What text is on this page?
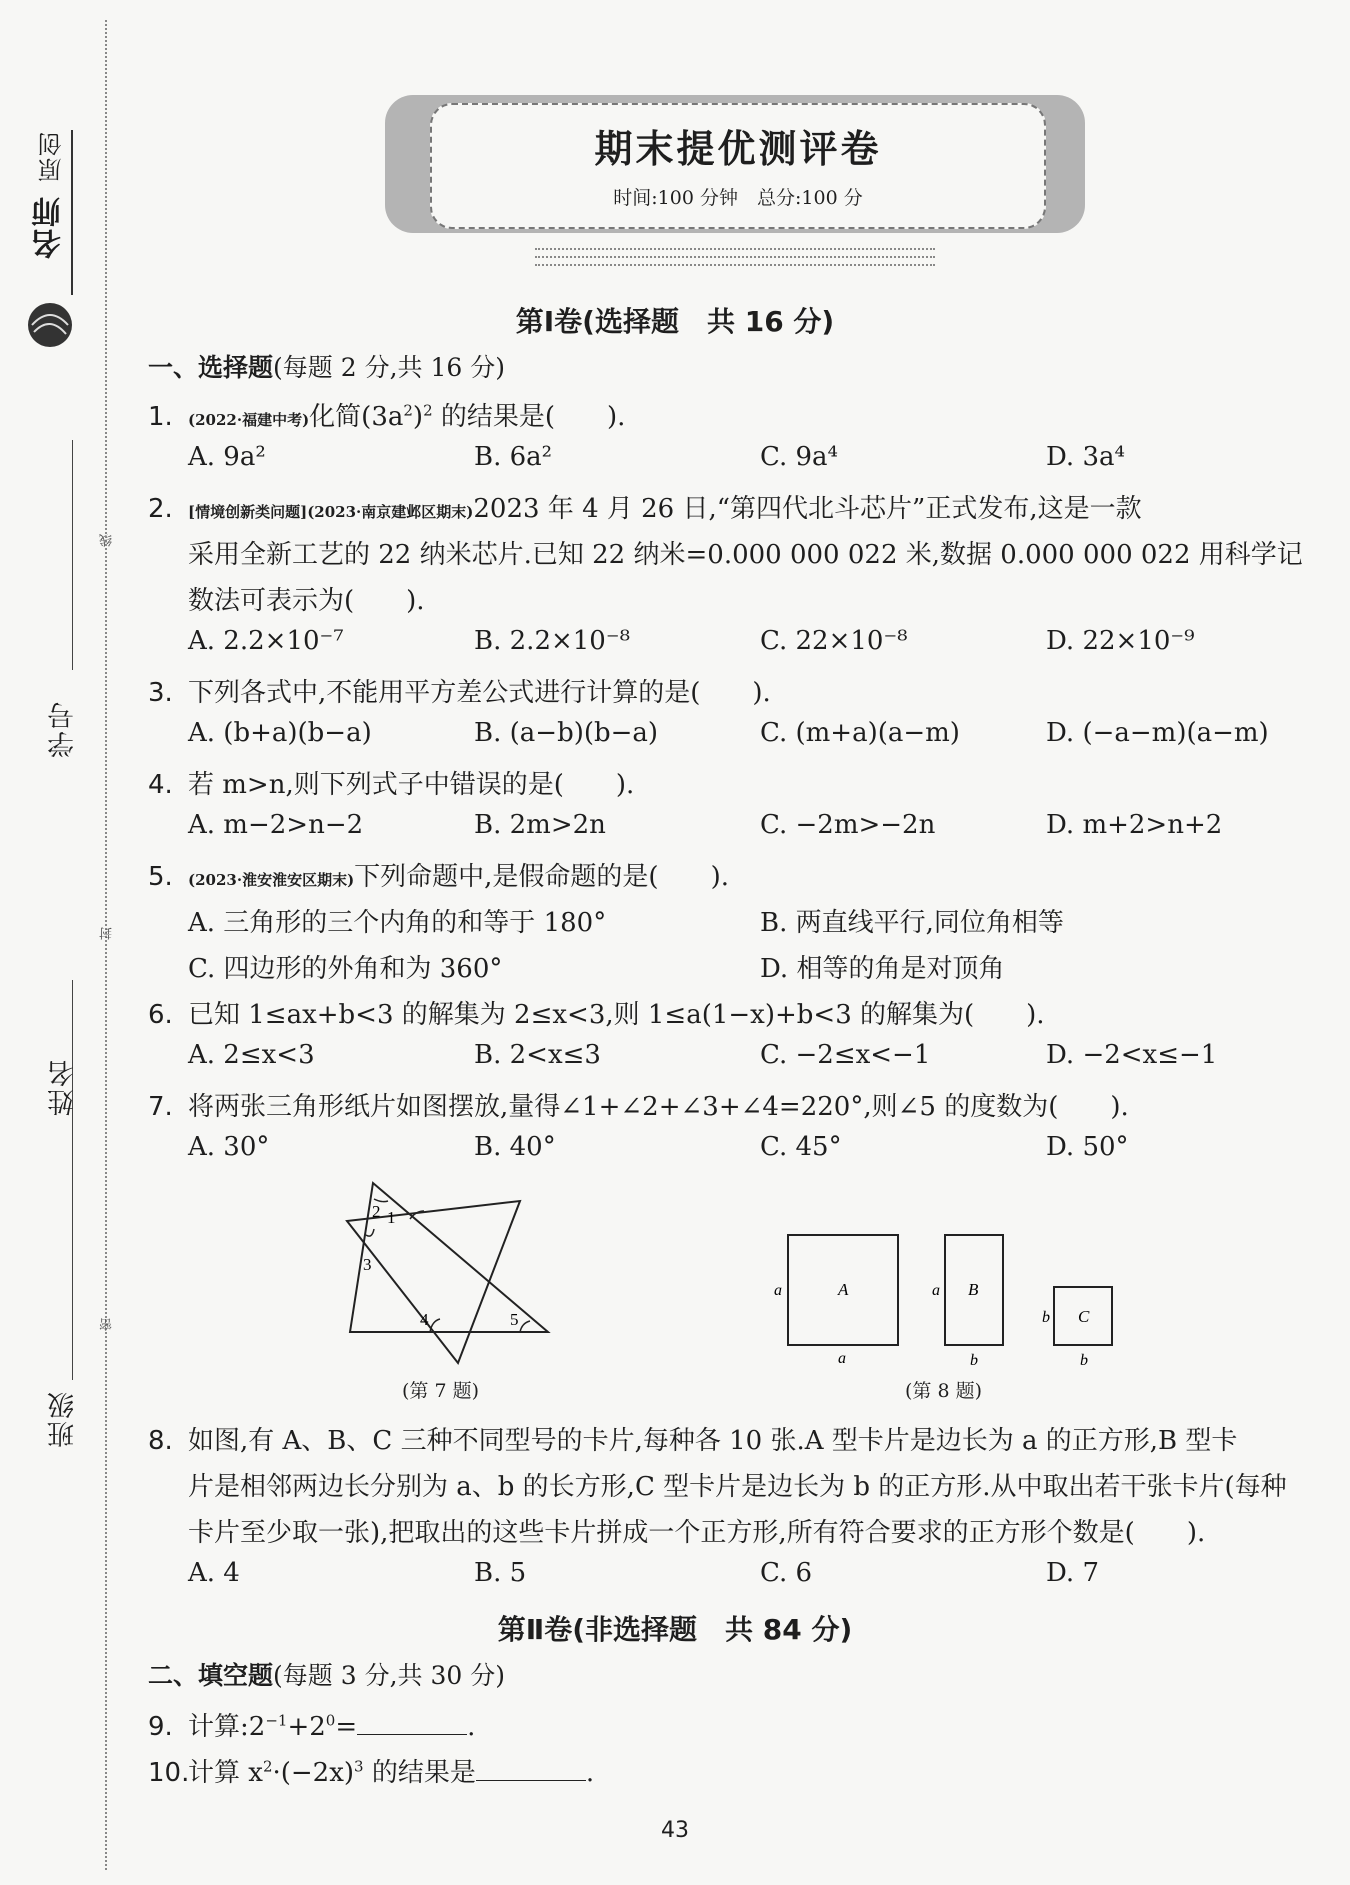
名师
原创
学号
姓名
班级
线
封
密
期末提优测评卷
时间:100 分钟　总分:100 分
第Ⅰ卷(选择题　共 16 分)
一、选择题(每题 2 分,共 16 分)
1. (2022·福建中考)化简$(3a^2)^2$ 的结果是(　　).
A. 9a²	B. 6a²	C. 9a⁴	D. 3a⁴
2. [情境创新类问题](2023·南京建邺区期末)2023 年 4 月 26 日,“第四代北斗芯片”正式发布,这是一款
采用全新工艺的 22 纳米芯片.已知 22 纳米=0.000 000 022 米,数据 0.000 000 022 用科学记
数法可表示为(　　).
A. 2.2×10⁻⁷	B. 2.2×10⁻⁸	C. 22×10⁻⁸	D. 22×10⁻⁹
3. 下列各式中,不能用平方差公式进行计算的是(　　).
A. (b+a)(b−a)	B. (a−b)(b−a)	C. (m+a)(a−m)	D. (−a−m)(a−m)
4. 若 m>n,则下列式子中错误的是(　　).
A. m−2>n−2	B. 2m>2n	C. −2m>−2n	D. m+2>n+2
5. (2023·淮安淮安区期末)下列命题中,是假命题的是(　　).
A. 三角形的三个内角的和等于 180°	B. 两直线平行,同位角相等
C. 四边形的外角和为 360°	D. 相等的角是对顶角
6. 已知 1≤ax+b<3 的解集为 2≤x<3,则 1≤a(1−x)+b<3 的解集为(　　).
A. 2≤x<3	B. 2<x≤3	C. −2≤x<−1	D. −2<x≤−1
7. 将两张三角形纸片如图摆放,量得∠1+∠2+∠3+∠4=220°,则∠5 的度数为(　　).
A. 30°	B. 40°	C. 45°	D. 50°
2 1
3
4	5
(第 7 题)
A	B
C
a
a
a
b
b
b
(第 8 题)
8. 如图,有 A、B、C 三种不同型号的卡片,每种各 10 张.A 型卡片是边长为 a 的正方形,B 型卡
片是相邻两边长分别为 a、b 的长方形,C 型卡片是边长为 b 的正方形.从中取出若干张卡片(每种
卡片至少取一张),把取出的这些卡片拼成一个正方形,所有符合要求的正方形个数是(　　).
A. 4	B. 5	C. 6	D. 7
第Ⅱ卷(非选择题　共 84 分)
二、填空题(每题 3 分,共 30 分)
9. 计算$:2^{-1}+2^0=$	.
10.计算 $x^2\cdot(-2x)^3$ 的结果是	.
43
